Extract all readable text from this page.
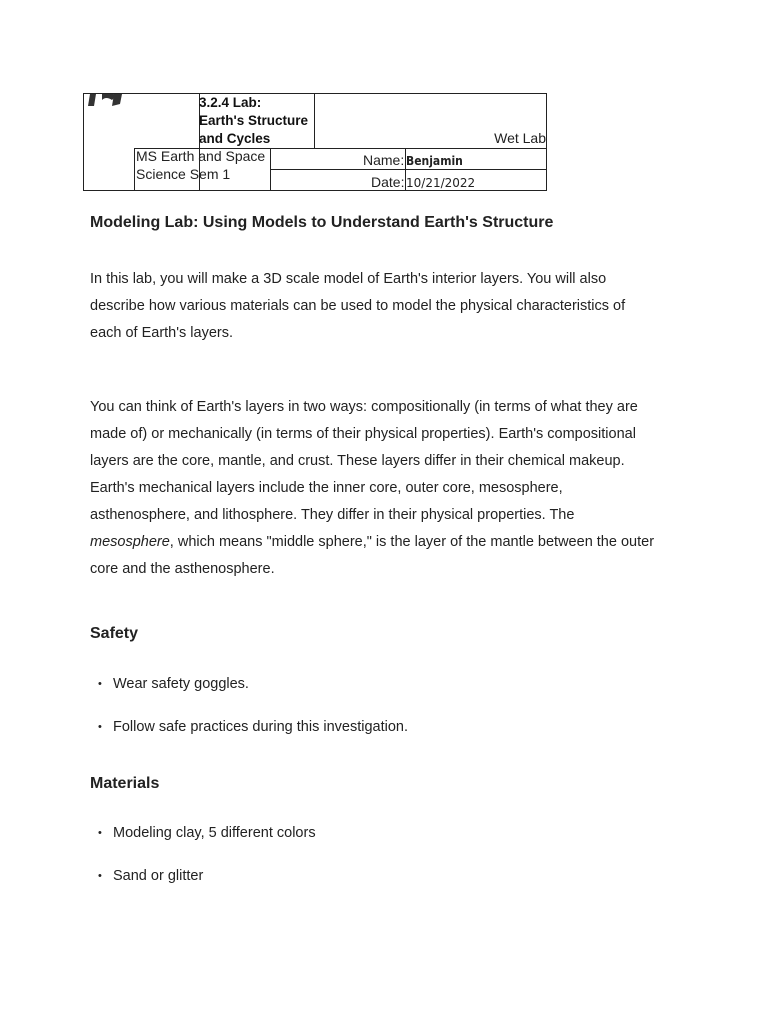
3.2.4 Lab:
Earth's Structure
and Cycles	Wet Lab
MS Earth and Space
Science Sem 1
Name: Benjamin
Date: 10/21/2022
Modeling Lab: Using Models to Understand Earth's Structure

In this lab, you will make a 3D scale model of Earth's interior layers. You will also

describe how various materials can be used to model the physical characteristics of

each of Earth's layers.

You can think of Earth's layers in two ways: compositionally (in terms of what they are

made of) or mechanically (in terms of their physical properties). Earth's compositional

layers are the core, mantle, and crust. These layers differ in their chemical makeup.

Earth's mechanical layers include the inner core, outer core, mesosphere,

asthenosphere, and lithosphere. They differ in their physical properties. The

mesosphere, which means "middle sphere," is the layer of the mantle between the outer

core and the asthenosphere.

Safety
• Wear safety goggles.
• Follow safe practices during this investigation.
Materials
• Modeling clay, 5 different colors
• Sand or glitter
